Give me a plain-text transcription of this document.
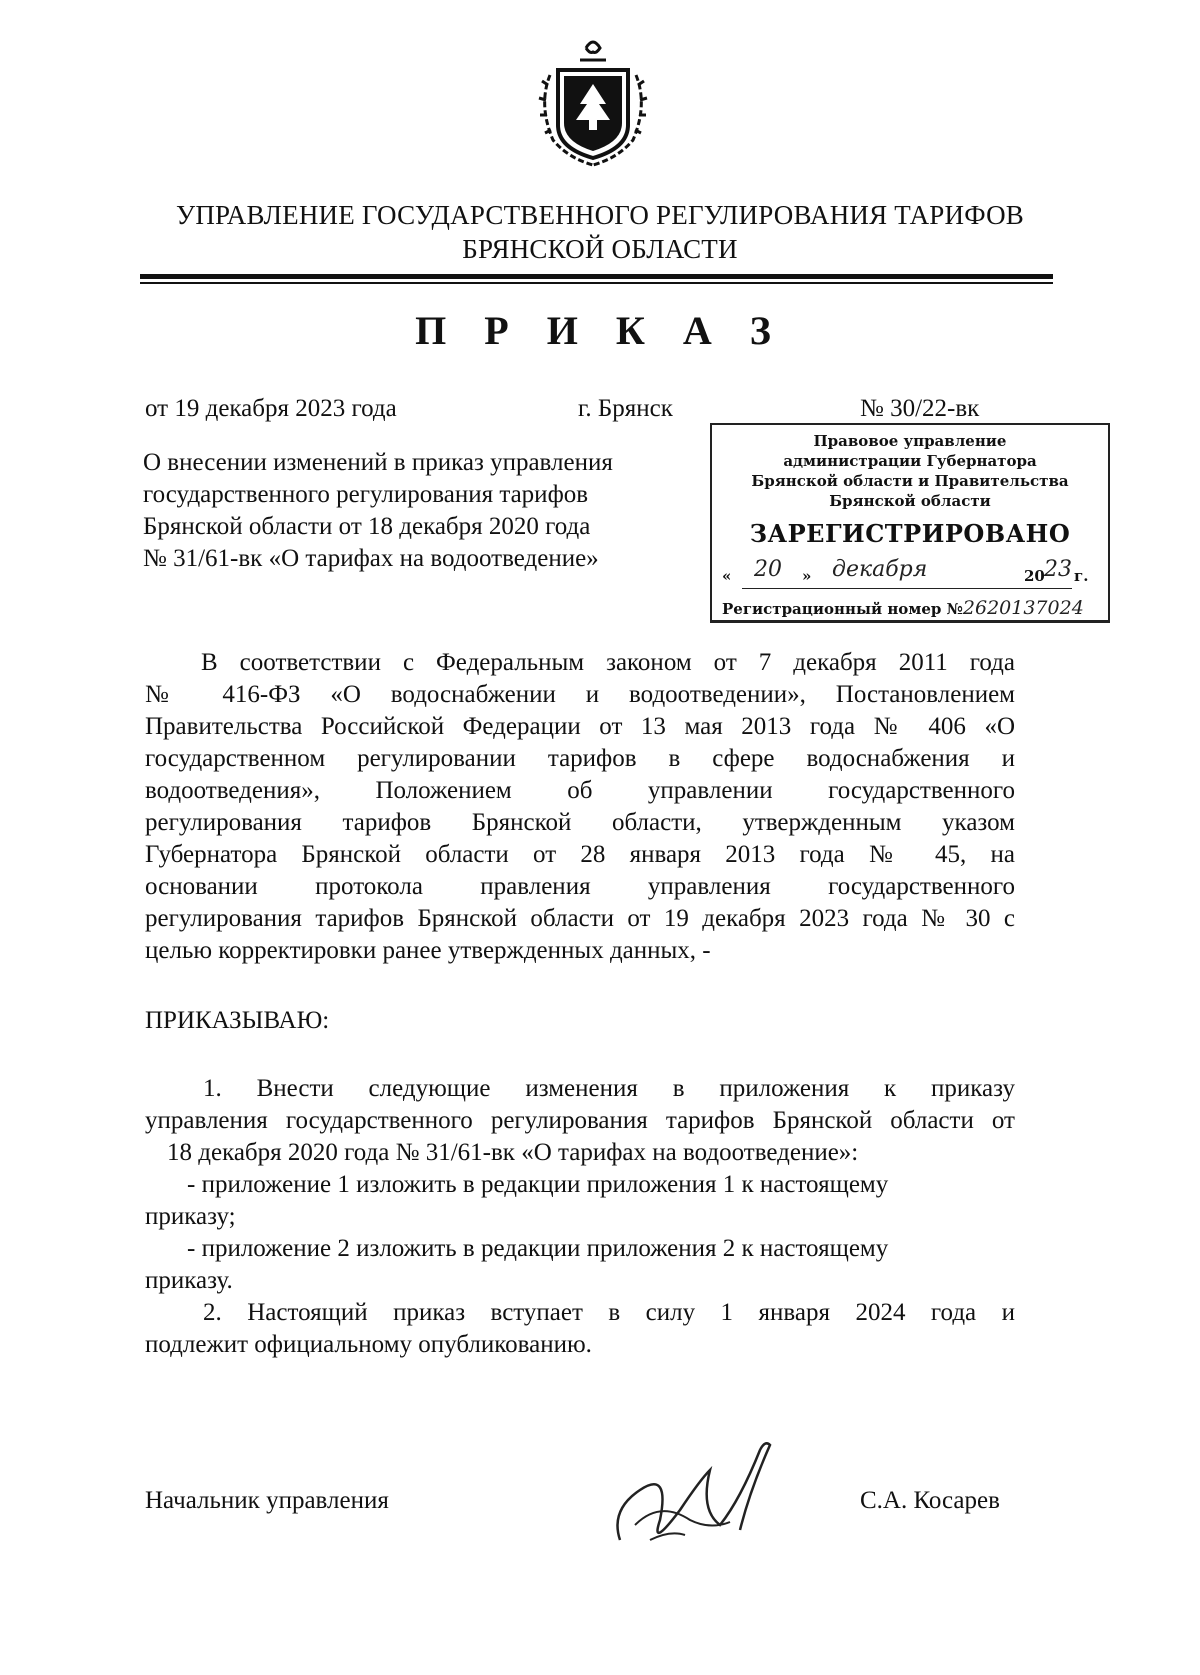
УПРАВЛЕНИЕ ГОСУДАРСТВЕННОГО РЕГУЛИРОВАНИЯ ТАРИФОВ
БРЯНСКОЙ ОБЛАСТИ
П Р И К А З
от 19 декабря 2023 года	г. Брянск	№ 30/22-вк
О внесении изменений в приказ управления
государственного регулирования тарифов
Брянской области от 18 декабря 2020 года
№ 31/61-вк «О тарифах на водоотведение»
Правовое управление
администрации Губернатора
Брянской области и Правительства
Брянской области
ЗАРЕГИСТРИРОВАНО
« 20 » декабря	20 23 г.
Регистрационный номер №2620137024
В соответствии с Федеральным законом от 7 декабря 2011 года
№ 416-ФЗ «О водоснабжении и водоотведении», Постановлением
Правительства Российской Федерации от 13 мая 2013 года № 406 «О
государственном регулировании тарифов в сфере водоснабжения и
водоотведения», Положением об управлении государственного
регулирования тарифов Брянской области, утвержденным указом
Губернатора Брянской области от 28 января 2013 года № 45, на
основании протокола правления управления государственного
регулирования тарифов Брянской области от 19 декабря 2023 года № 30 с
целью корректировки ранее утвержденных данных, -
ПРИКАЗЫВАЮ:
1. Внести следующие изменения в приложения к приказу
управления государственного регулирования тарифов Брянской области от
18 декабря 2020 года № 31/61-вк «О тарифах на водоотведение»:
- приложение 1 изложить в редакции приложения 1 к настоящему
приказу;
- приложение 2 изложить в редакции приложения 2 к настоящему
приказу.
2. Настоящий приказ вступает в силу 1 января 2024 года и
подлежит официальному опубликованию.
Начальник управления	С.А. Косарев
